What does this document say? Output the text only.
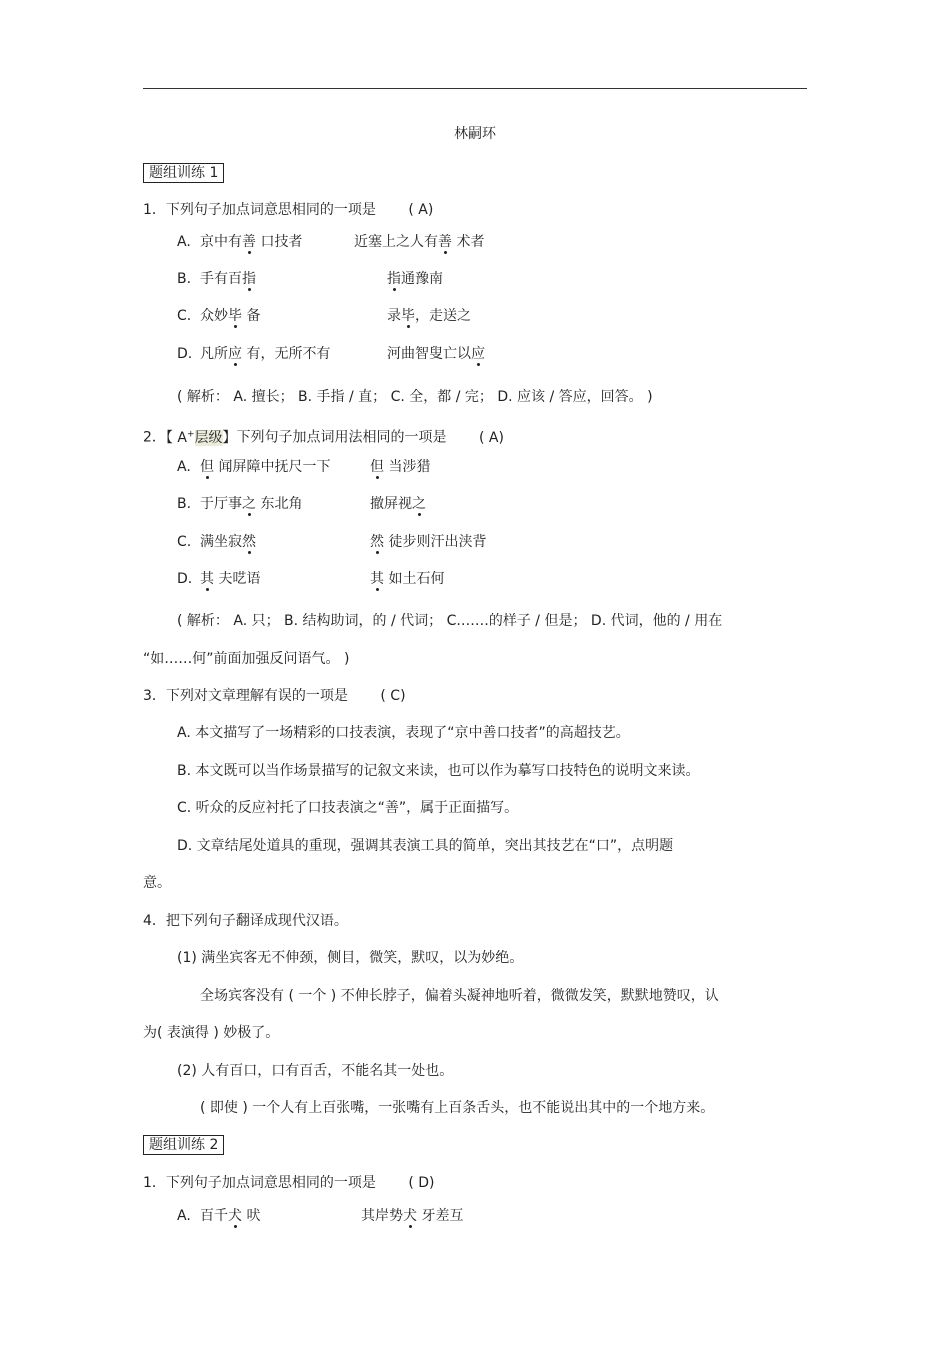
林嗣环
题组训练 1
1．下列句子加点词意思相同的一项是 ( A)
A. 京中有善 口技者	近塞上之人有善 术者
B. 手有百指	指通豫南
C. 众妙毕 备	录毕，走送之
D. 凡所应 有，无所不有	河曲智叟亡以应
( 解析： A. 擅长； B. 手指 / 直； C. 全，都 / 完； D. 应该 / 答应，回答。 )
2．【 A+层级】下列句子加点词用法相同的一项是 ( A)
A. 但 闻屏障中抚尺一下	但 当涉猎
B. 于厅事之 东北角	撤屏视之
C. 满坐寂然	然 徒步则汗出浃背
D. 其 夫呓语	其 如土石何
( 解析： A. 只； B. 结构助词，的 / 代词； C.……的样子 / 但是； D. 代词，他的 / 用在
“如……何”前面加强反问语气。 )
3．下列对文章理解有误的一项是 ( C)
A. 本文描写了一场精彩的口技表演，表现了“京中善口技者”的高超技艺。
B. 本文既可以当作场景描写的记叙文来读，也可以作为摹写口技特色的说明文来读。
C. 听众的反应衬托了口技表演之“善”，属于正面描写。
D. 文章结尾处道具的重现，强调其表演工具的简单，突出其技艺在“口”，点明题
意。
4．把下列句子翻译成现代汉语。
(1) 满坐宾客无不伸颈，侧目，微笑，默叹，以为妙绝。
全场宾客没有 ( 一个 ) 不伸长脖子，偏着头凝神地听着，微微发笑，默默地赞叹，认
为( 表演得 ) 妙极了。
(2) 人有百口，口有百舌，不能名其一处也。
( 即使 ) 一个人有上百张嘴，一张嘴有上百条舌头，也不能说出其中的一个地方来。
题组训练 2
1．下列句子加点词意思相同的一项是 ( D)
A. 百千犬 吠	其岸势犬 牙差互
